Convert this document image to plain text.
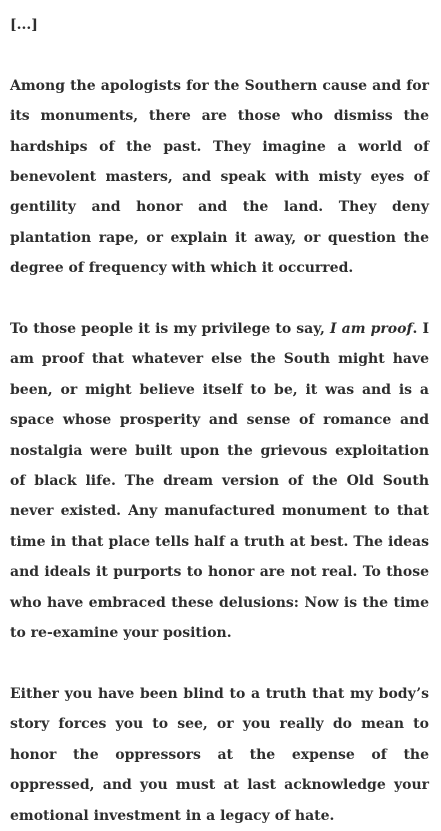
[...]

Among the apologists for the Southern cause and for its monuments, there are those who dismiss the hardships of the past. They imagine a world of benevolent masters, and speak with misty eyes of gentility and honor and the land. They deny plantation rape, or explain it away, or question the degree of frequency with which it occurred.

To those people it is my privilege to say, I am proof. I am proof that whatever else the South might have been, or might believe itself to be, it was and is a space whose prosperity and sense of romance and nostalgia were built upon the grievous exploitation of black life. The dream version of the Old South never existed. Any manufactured monument to that time in that place tells half a truth at best. The ideas and ideals it purports to honor are not real. To those who have embraced these delusions: Now is the time to re-examine your position.

Either you have been blind to a truth that my body’s story forces you to see, or you really do mean to honor the oppressors at the expense of the oppressed, and you must at last acknowledge your emotional investment in a legacy of hate.
